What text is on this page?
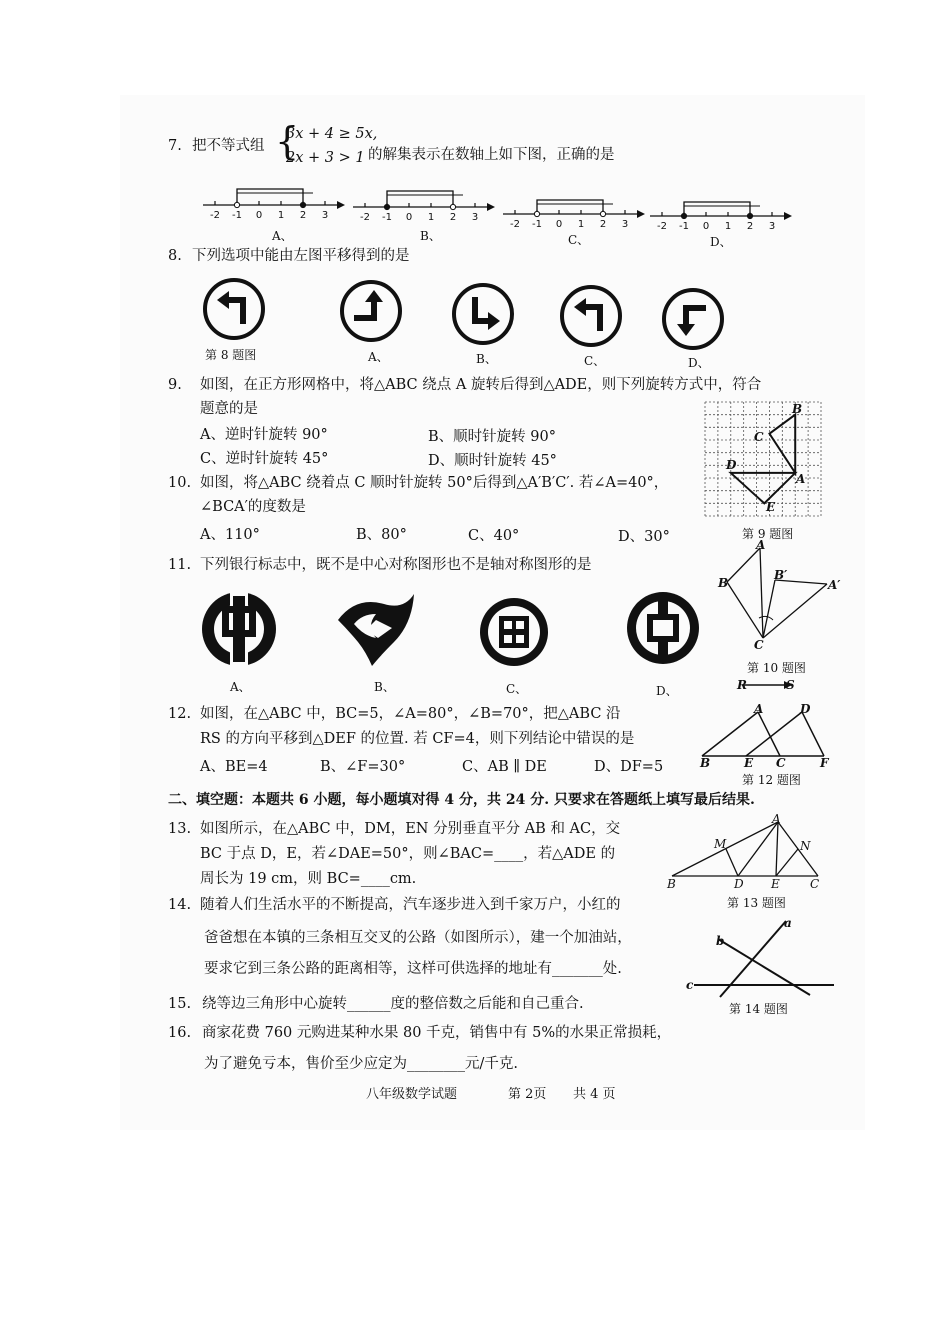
7. 把不等式组 {
3x + 4 ≥ 5x,
2x + 3 > 1 的解集表示在数轴上如下图，正确的是
-2 -1 0 1 2 3	-2 -1 0 1 2 3
-2 -1 0 1 2 3	-2 -1 0 1 2 3
A、	B、	C、	D、
8. 下列选项中能由左图平移得到的是
第 8 题图	A、	B、	C、	D、
9. 如图，在正方形网格中，将△ABC 绕点 A 旋转后得到△ADE，则下列旋转方式中，符合
题意的是
A、逆时针旋转 90°	B、顺时针旋转 90°
C、逆时针旋转 45°	D、顺时针旋转 45°
B
C
D
A
E
第 9 题图
10. 如图，将△ABC 绕着点 C 顺时针旋转 50°后得到△A′B′C′. 若∠A=40°，
∠BCA′的度数是
A、110°	B、80°	C、40°	D、30°	A
B
B′
A′
C
第 10 题图
11. 下列银行标志中，既不是中心对称图形也不是轴对称图形的是
A、	B、	C、	D、
12. 如图，在△ABC 中，BC=5，∠A=80°，∠B=70°，把△ABC 沿
RS 的方向平移到△DEF 的位置. 若 CF=4，则下列结论中错误的是
A、BE=4	B、∠F=30°	C、AB ∥ DE	D、DF=5
R	S
A	D
B	E C	F
第 12 题图
二、填空题：本题共 6 小题，每小题填对得 4 分，共 24 分. 只要求在答题纸上填写最后结果.
13. 如图所示，在△ABC 中，DM，EN 分别垂直平分 AB 和 AC，交
BC 于点 D，E，若∠DAE=50°，则∠BAC=____，若△ADE 的
周长为 19 cm，则 BC=____cm.
A
M	N
B	D E	C
第 13 题图
14. 随着人们生活水平的不断提高，汽车逐步进入到千家万户，小红的
爸爸想在本镇的三条相互交叉的公路（如图所示），建一个加油站，
要求它到三条公路的距离相等，这样可供选择的地址有_______处.
a
b
c
第 14 题图
15. 绕等边三角形中心旋转______度的整倍数之后能和自己重合.
16. 商家花费 760 元购进某种水果 80 千克，销售中有 5%的水果正常损耗，
为了避免亏本，售价至少应定为________元/千克.
八年级数学试题	第 2页 共 4 页
